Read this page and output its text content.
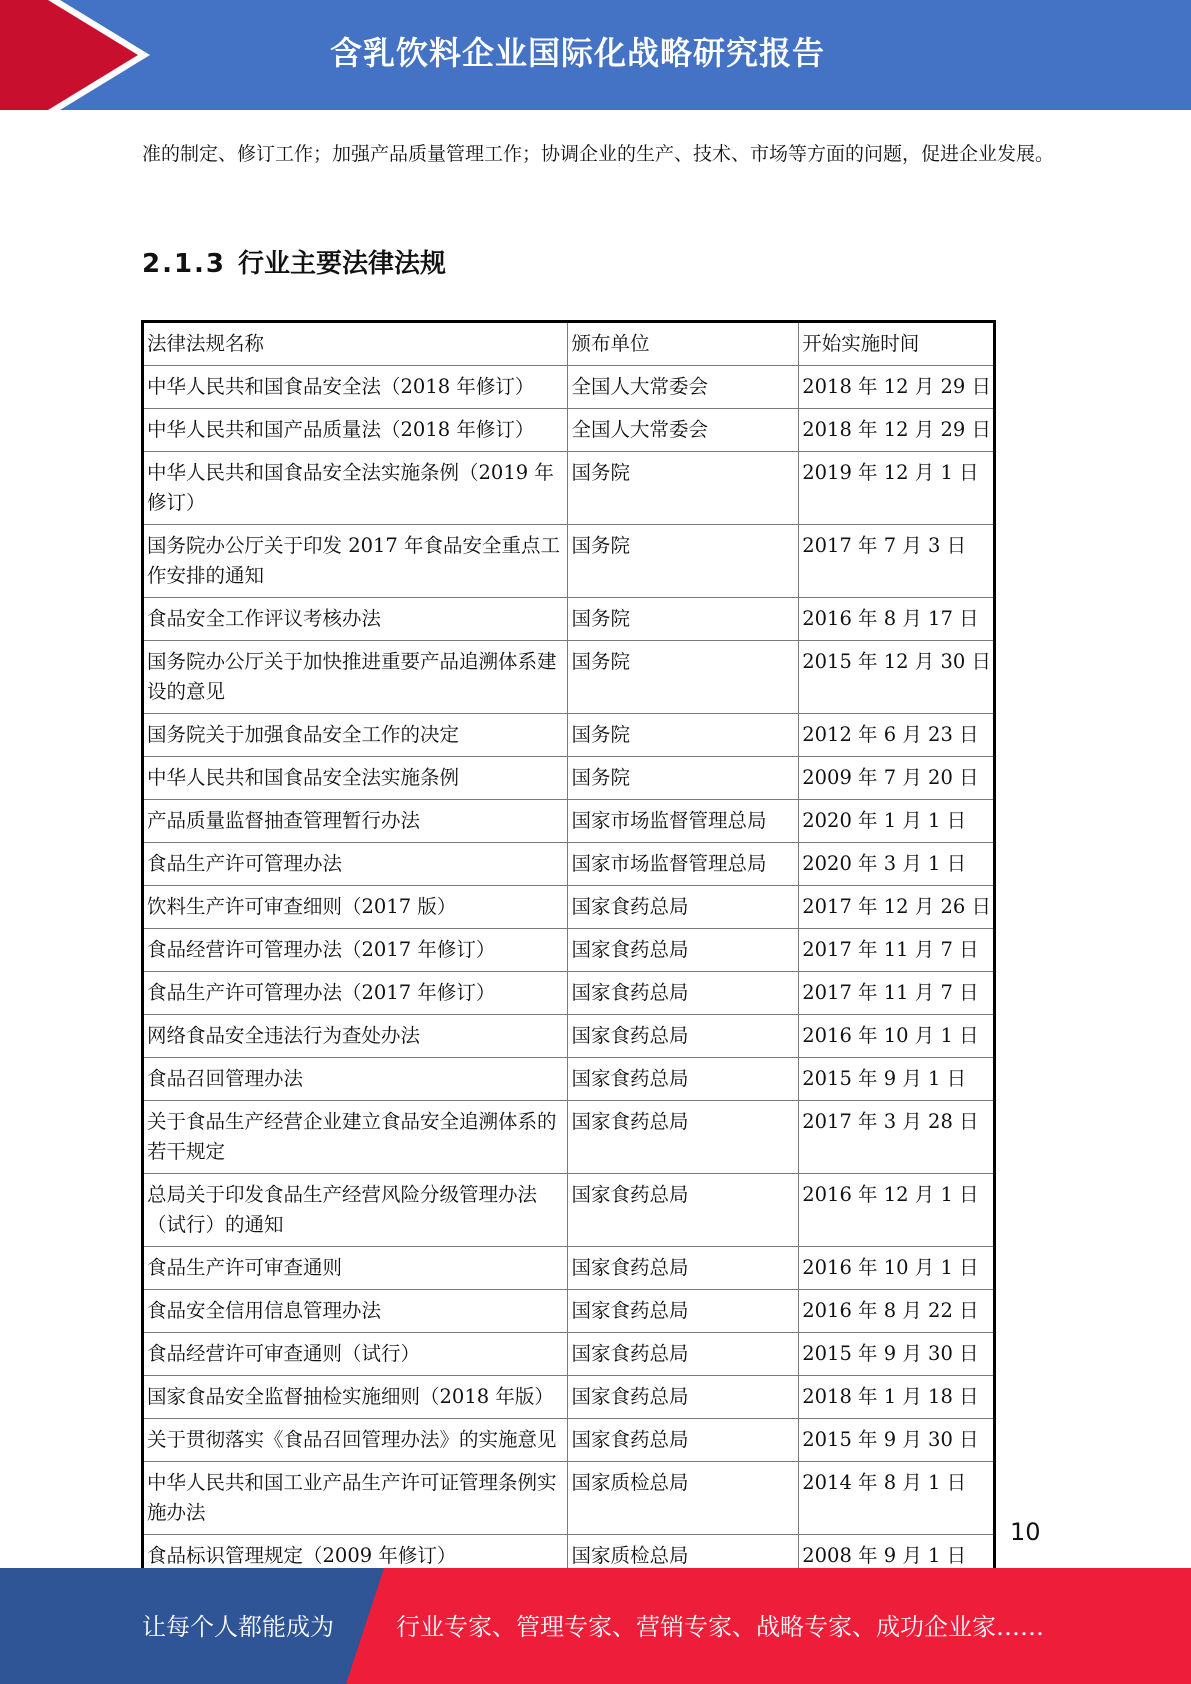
含乳饮料企业国际化战略研究报告

准的制定、修订工作；加强产品质量管理工作；协调企业的生产、技术、市场等方面的问题，促进企业发展。

2.1.3 行业主要法律法规
法律法规名称	颁布单位	开始实施时间
中华人民共和国食品安全法（2018 年修订）	全国人大常委会	2018 年 12 月 29 日
中华人民共和国产品质量法（2018 年修订）	全国人大常委会	2018 年 12 月 29 日
中华人民共和国食品安全法实施条例（2019 年修订）	国务院	2019 年 12 月 1 日
国务院办公厅关于印发 2017 年食品安全重点工作安排的通知	国务院	2017 年 7 月 3 日
食品安全工作评议考核办法	国务院	2016 年 8 月 17 日
国务院办公厅关于加快推进重要产品追溯体系建设的意见	国务院	2015 年 12 月 30 日
国务院关于加强食品安全工作的决定	国务院	2012 年 6 月 23 日
中华人民共和国食品安全法实施条例	国务院	2009 年 7 月 20 日
产品质量监督抽查管理暂行办法	国家市场监督管理总局	2020 年 1 月 1 日
食品生产许可管理办法	国家市场监督管理总局	2020 年 3 月 1 日
饮料生产许可审查细则（2017 版）	国家食药总局	2017 年 12 月 26 日
食品经营许可管理办法（2017 年修订）	国家食药总局	2017 年 11 月 7 日
食品生产许可管理办法（2017 年修订）	国家食药总局	2017 年 11 月 7 日
网络食品安全违法行为查处办法	国家食药总局	2016 年 10 月 1 日
食品召回管理办法	国家食药总局	2015 年 9 月 1 日
关于食品生产经营企业建立食品安全追溯体系的若干规定	国家食药总局	2017 年 3 月 28 日
总局关于印发食品生产经营风险分级管理办法（试行）的通知	国家食药总局	2016 年 12 月 1 日
食品生产许可审查通则	国家食药总局	2016 年 10 月 1 日
食品安全信用信息管理办法	国家食药总局	2016 年 8 月 22 日
食品经营许可审查通则（试行）	国家食药总局	2015 年 9 月 30 日
国家食品安全监督抽检实施细则（2018 年版）	国家食药总局	2018 年 1 月 18 日
关于贯彻落实《食品召回管理办法》的实施意见	国家食药总局	2015 年 9 月 30 日
中华人民共和国工业产品生产许可证管理条例实施办法	国家质检总局	2014 年 8 月 1 日
食品标识管理规定（2009 年修订）	国家质检总局	2008 年 9 月 1 日
10
让每个人都能成为	行业专家、管理专家、营销专家、战略专家、成功企业家……
